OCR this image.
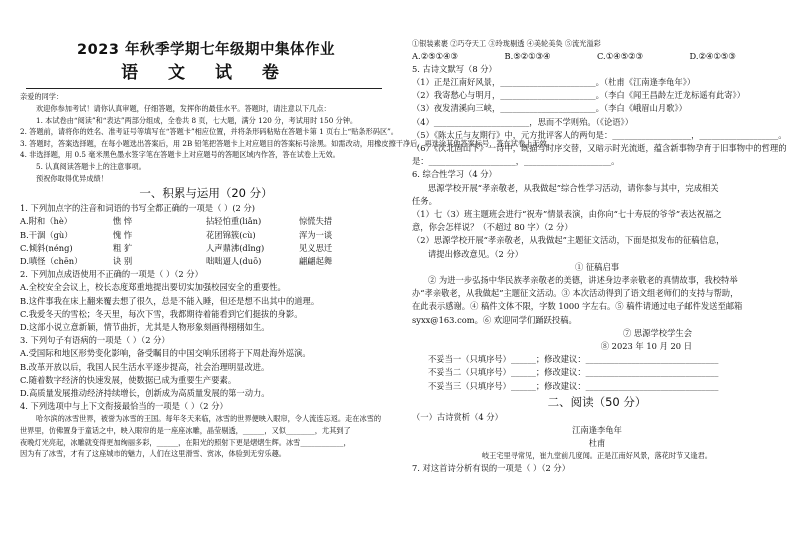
2023 年秋季学期七年级期中集体作业
语 文 试 卷
亲爱的同学：
欢迎你参加考试！请你认真审题，仔细答题，发挥你的最佳水平。答题时，请注意以下几点：
1. 本试卷由“阅读”和“表达”两部分组成，全卷共 8 页，七大题，满分 120 分，考试用时 150 分钟。
2. 答题前，请将你的姓名、准考证号等填写在“答题卡”相应位置，并将条形码粘贴在答题卡第 1 页右上“贴条形码区”。
3. 答题时，答案选择题，在每小题选出答案后，用 2B 铅笔把答题卡上对应题目的答案标号涂黑。如需改动，用橡皮擦干净后，再选涂其他答案标号，答在试卷上无效。
4. 非选择题，用 0.5 毫米黑色墨水签字笔在答题卡上对应题号的答题区域内作答，答在试卷上无效。
5. 认真阅读答题卡上的注意事项。
预祝你取得优异成绩！
一、积累与运用（20 分）
1. 下列加点字的注音和词语的书写全都正确的一项是（ ）(2 分)
A.附和（hè）	憔 悴	拈轻怕重(liǎn)	惊慌失措
B.干涸（gù）	愧 怍	花团锦簇(cù)	浑为一谈
C.倾斜(néng)	粗 犷	人声鼎沸(dǐng)	见义思迁
D.嗔怪（chēn）	诀 别	咄咄逼人(duō)	翩翩起舞
2. 下列加点成语使用不正确的一项是（ ）（2 分）
A.全校安全会议上，校长态度郑重地提出要切实加强校园安全的重要性。
B.这件事我在床上翻来覆去想了很久，总是不能入睡，但还是想不出其中的道理。
C.我爱冬天的雪松；冬天里，每次下雪，我都期待着能看到它们挺拔的身影。
D.这部小说立意新颖，情节曲折，尤其是人物形象刻画得栩栩如生。
3. 下列句子有语病的一项是（ ）（2 分）
A.受国际和地区形势变化影响，备受瞩目的中国交响乐团将于下周赴海外巡演。
B.改革开放以后，我国人民生活水平逐步提高，社会治理明显改进。
C.随着数字经济的快速发展，使数据已成为重要生产要素。
D.高质量发展推动经济持续增长，创新成为高质量发展的第一动力。
4. 下列选项中与上下文衔接最恰当的一项是（ ）（2 分）
哈尔滨的冰雪世界，被誉为冰雪的王国。每年冬天来临，冰雪的世界便映入眼帘，令人流连忘返。走在冰雪的
世界里，仿佛置身于童话之中，映入眼帘的是一座座冰雕，晶莹剔透，______，又似________，尤其到了
夜晚灯光亮起，冰雕就变得更加绚丽多彩，______，在阳光的照射下更是熠熠生辉。冰雪____________，
因为有了冰雪，才有了这座城市的魅力，人们在这里滑雪、赏冰，体验到无穷乐趣。
①银装素裹 ②巧夺天工 ③玲珑剔透 ④美轮美奂 ⑤流光溢彩
A.②⑤①④③	B.⑤②①③④	C.①④⑤②③	D.②④①⑤③
5. 古诗文默写（8 分）
（1）正是江南好风景，_______________________。（杜甫《江南逢李龟年》）
（2）我寄愁心与明月，_______________________。（李白《闻王昌龄左迁龙标遥有此寄》）
（3）夜发清溪向三峡，_______________________。（李白《峨眉山月歌》）
（4）_______________________，思而不学则殆。（《论语》）
（5）《陈太丘与友期行》中，元方批评客人的两句是：___________________，___________________。
（6）《次北固山下》一诗中，既描写时序交替，又暗示时光流逝，蕴含新事物孕育于旧事物中的哲理的
是：_____________________，_____________________。
6. 综合性学习（4 分）
思源学校开展“孝亲敬老，从我做起”综合性学习活动，请你参与其中，完成相关
任务。
（1）七（3）班主题班会进行“祝寿”情景表演，由你向“七十寿辰的爷爷”表达祝福之
意，你会怎样说？（不超过 80 字）（2 分）
（2）思源学校开展“孝亲敬老，从我做起”主题征文活动，下面是拟发布的征稿信息，
请提出修改意见。（2 分）
① 征稿启事
② 为进一步弘扬中华民族孝亲敬老的美德，讲述身边孝亲敬老的真情故事，我校特举
办“孝亲敬老，从我做起”主题征文活动。③ 本次活动得到了语文组老师们的支持与帮助，
在此表示感谢。④ 稿件文体不限，字数 1000 字左右。⑤ 稿件请通过电子邮件发送至邮箱
syxx@163.com。⑥ 欢迎同学们踊跃投稿。
⑦ 思源学校学生会
⑧ 2023 年 10 月 20 日
不妥当一（只填序号）______；修改建议：________________________________
不妥当二（只填序号）______；修改建议：________________________________
不妥当三（只填序号）______；修改建议：________________________________
二、阅读（50 分）
（一）古诗赏析（4 分）
江南逢李龟年
杜甫
岐王宅里寻常见，崔九堂前几度闻。正是江南好风景，落花时节又逢君。
7. 对这首诗分析有误的一项是（ ）（2 分）
